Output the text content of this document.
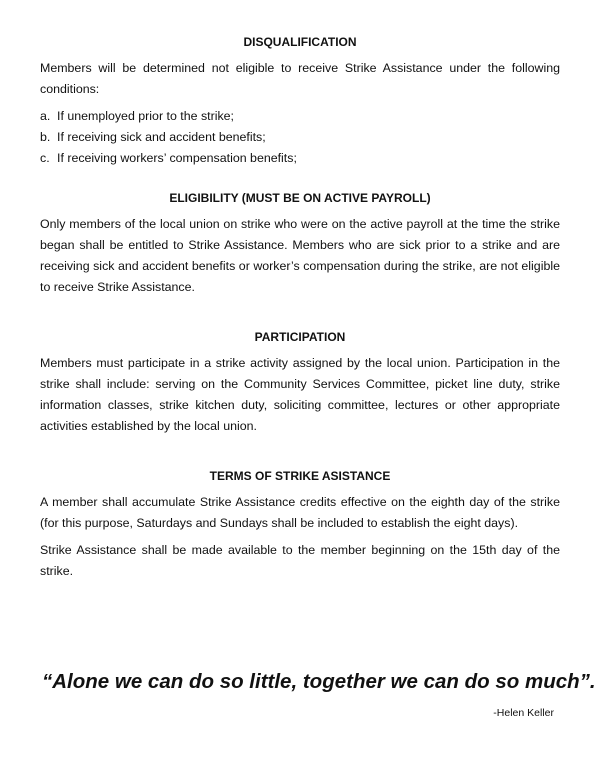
DISQUALIFICATION

Members will be determined not eligible to receive Strike Assistance under the following conditions:

a. If unemployed prior to the strike;
b. If receiving sick and accident benefits;
c. If receiving workers’ compensation benefits;
ELIGIBILITY (MUST BE ON ACTIVE PAYROLL)

Only members of the local union on strike who were on the active payroll at the time the strike began shall be entitled to Strike Assistance. Members who are sick prior to a strike and are receiving sick and accident benefits or worker’s compensation during the strike, are not eligible to receive Strike Assistance.

PARTICIPATION

Members must participate in a strike activity assigned by the local union. Participation in the strike shall include: serving on the Community Services Committee, picket line duty, strike information classes, strike kitchen duty, soliciting committee, lectures or other appropriate activities established by the local union.

TERMS OF STRIKE ASISTANCE

A member shall accumulate Strike Assistance credits effective on the eighth day of the strike (for this purpose, Saturdays and Sundays shall be included to establish the eight days).

Strike Assistance shall be made available to the member beginning on the 15th day of the strike.

“Alone we can do so little, together we can do so much”.
-Helen Keller
